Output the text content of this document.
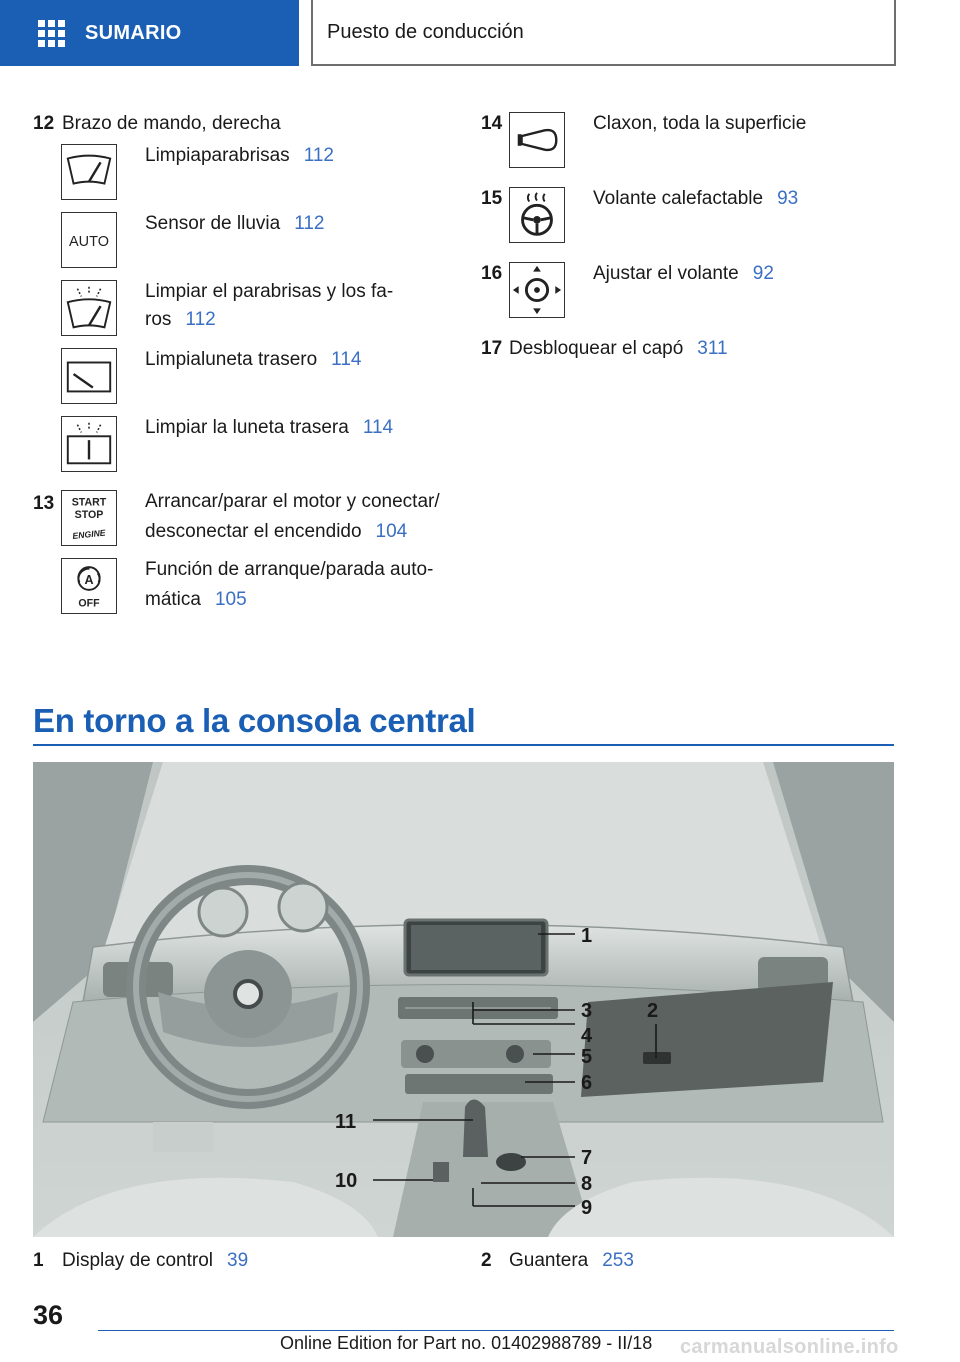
SUMARIO	Puesto de conducción
12 Brazo de mando, derecha
Limpiaparabrisas 112
AUTO
Sensor de lluvia 112
Limpiar el parabrisas y los fa-
ros 112
Limpialuneta trasero 114
Limpiar la luneta trasera 114
13 START
STOP
ENGINE
Arrancar/parar el motor y conectar/
desconectar el encendido 104
A
OFF
Función de arranque/parada auto-
mática 105
14	Claxon, toda la superficie
15	Volante calefactable 93
16	Ajustar el volante 92
17 Desbloquear el capó 311
En torno a la consola central
1
2
3
4
5
6
7
8
9
10
11
1 Display de control 39	2 Guantera 253
36
Online Edition for Part no. 01402988789 - II/18 carmanualsonline.info
